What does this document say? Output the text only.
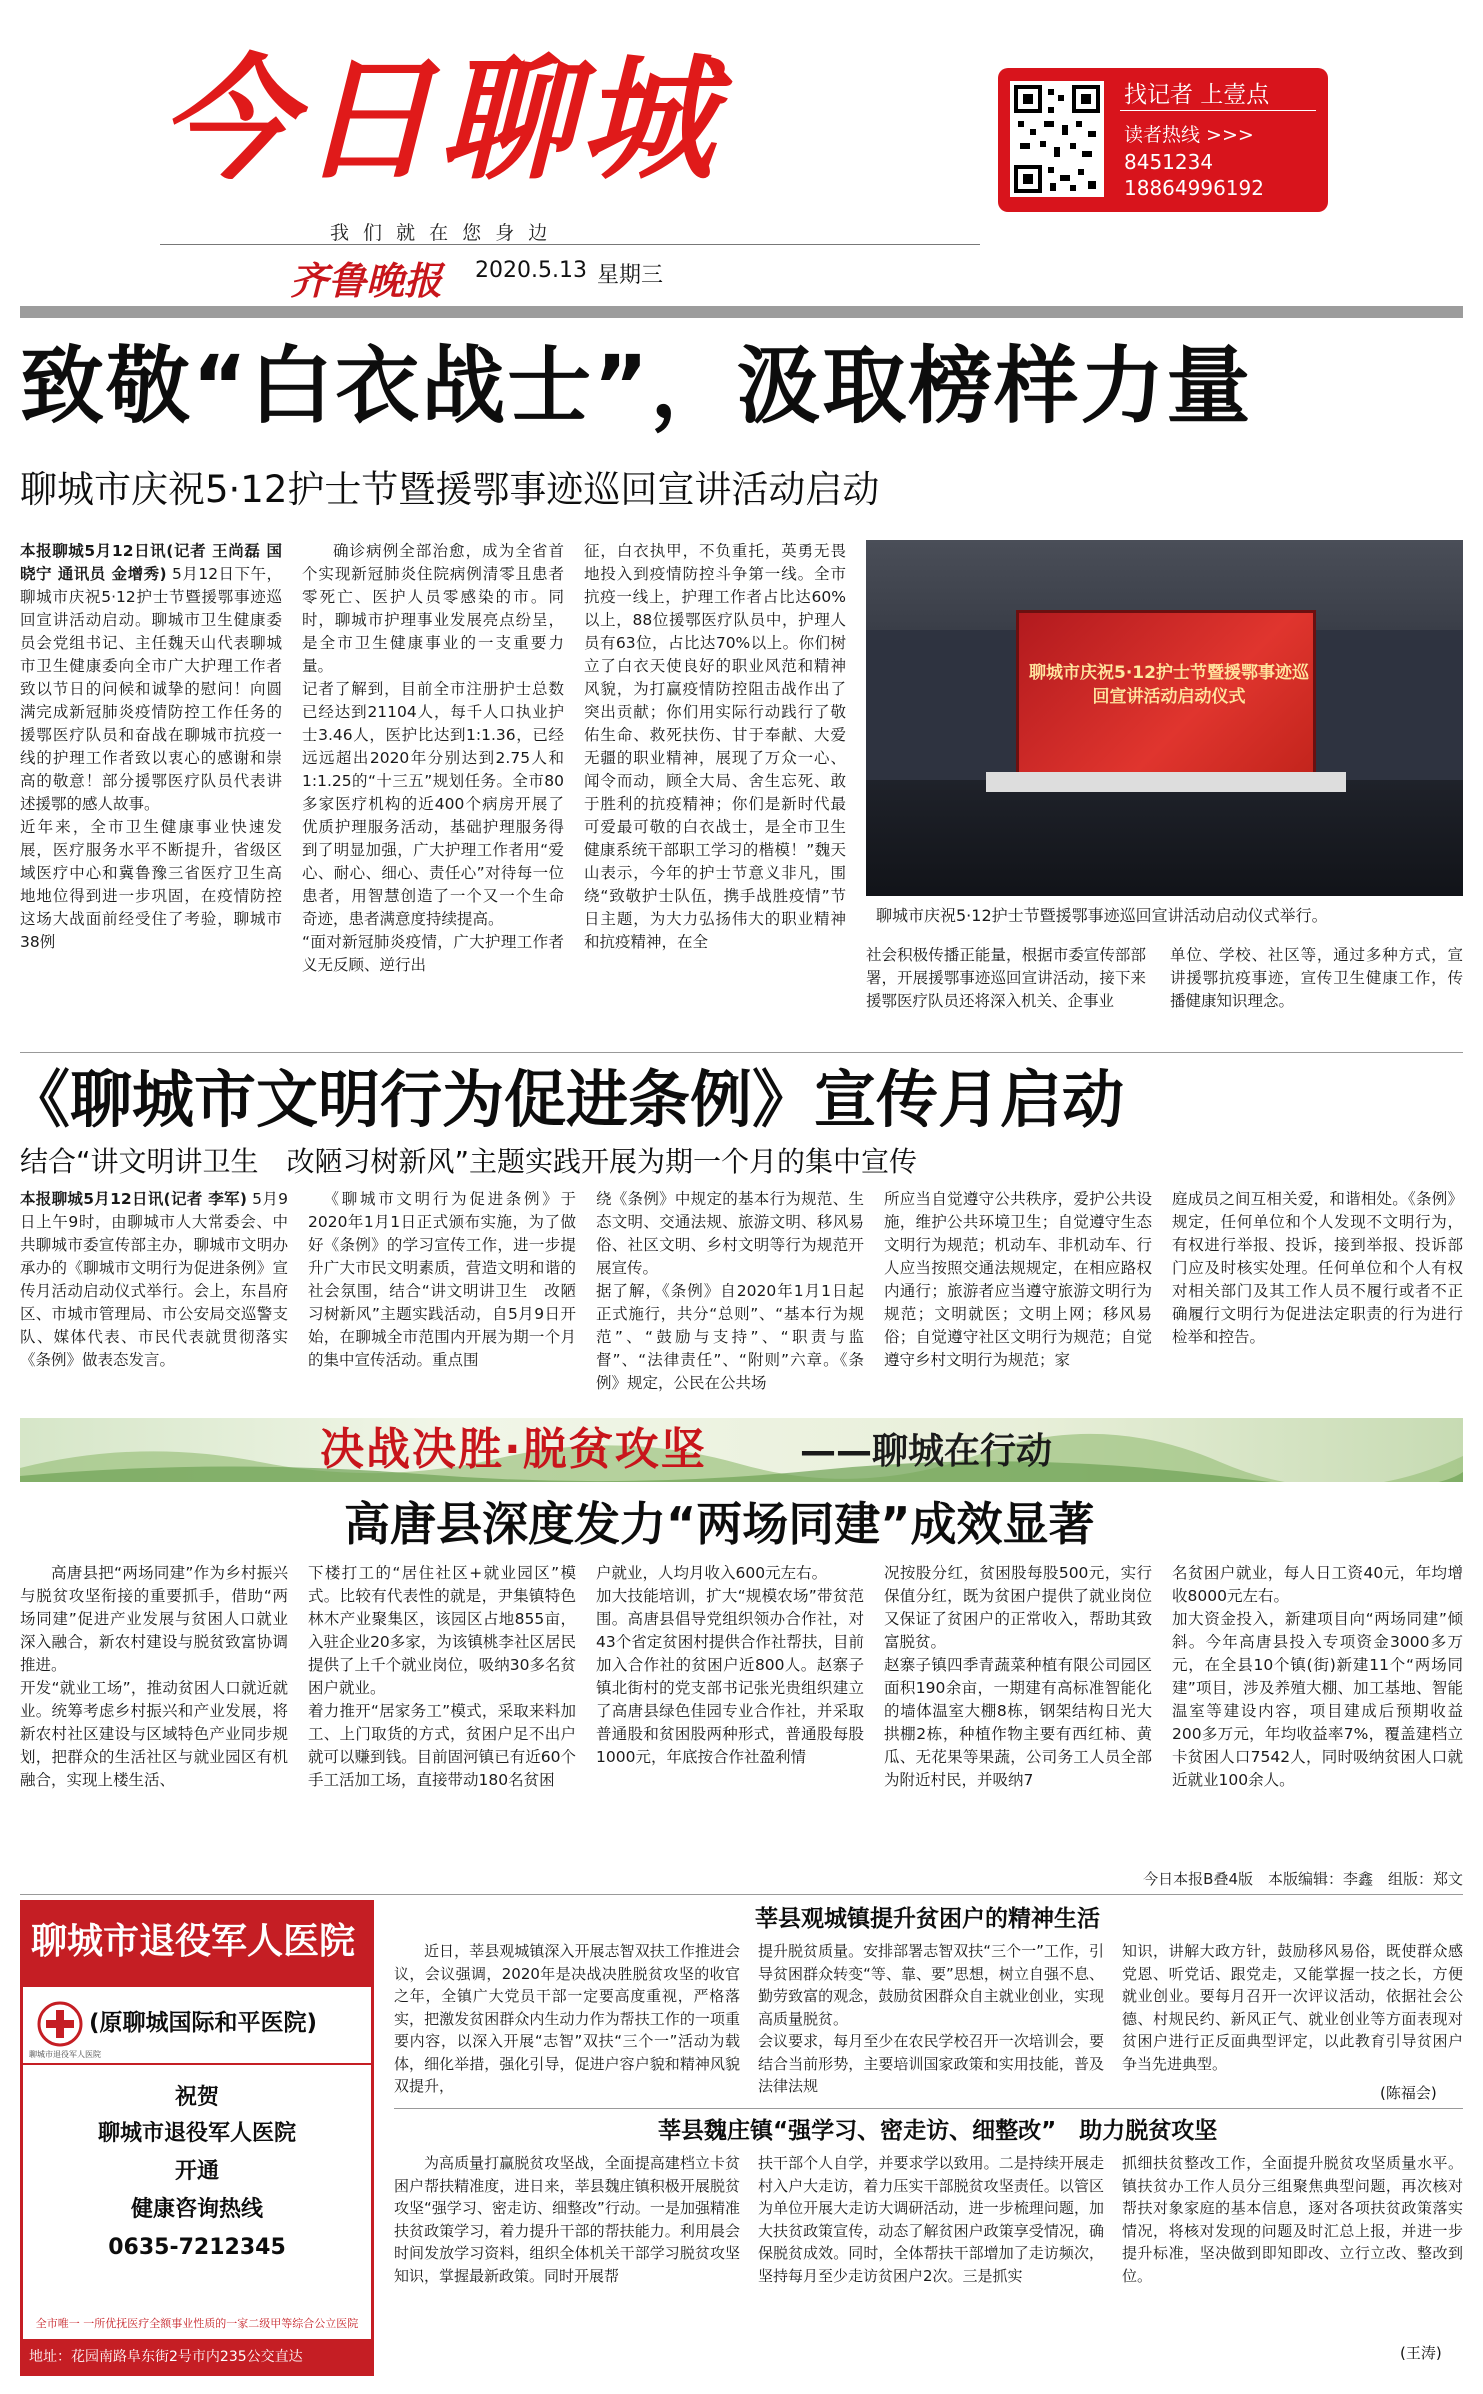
今日聊城
我 们 就 在 您 身 边
齐鲁晚报 2020.5.13 星期三
找记者 上壹点
读者热线 >>>
8451234
18864996192
致敬“白衣战士”，汲取榜样力量
聊城市庆祝5·12护士节暨援鄂事迹巡回宣讲活动启动
本报聊城5月12日讯(记者 王尚磊 国晓宁 通讯员 金增秀) 5月12日下午，聊城市庆祝5·12护士节暨援鄂事迹巡回宣讲活动启动。聊城市卫生健康委员会党组书记、主任魏天山代表聊城市卫生健康委向全市广大护理工作者致以节日的问候和诚挚的慰问！向圆满完成新冠肺炎疫情防控工作任务的援鄂医疗队员和奋战在聊城市抗疫一线的护理工作者致以衷心的感谢和崇高的敬意！部分援鄂医疗队员代表讲述援鄂的感人故事。
近年来，全市卫生健康事业快速发展，医疗服务水平不断提升，省级区域医疗中心和冀鲁豫三省医疗卫生高地地位得到进一步巩固，在疫情防控这场大战面前经受住了考验，聊城市38例
确诊病例全部治愈，成为全省首个实现新冠肺炎住院病例清零且患者零死亡、医护人员零感染的市。同时，聊城市护理事业发展亮点纷呈，是全市卫生健康事业的一支重要力量。
记者了解到，目前全市注册护士总数已经达到21104人，每千人口执业护士3.46人，医护比达到1:1.36，已经远远超出2020年分别达到2.75人和1:1.25的“十三五”规划任务。全市80多家医疗机构的近400个病房开展了优质护理服务活动，基础护理服务得到了明显加强，广大护理工作者用“爱心、耐心、细心、责任心”对待每一位患者，用智慧创造了一个又一个生命奇迹，患者满意度持续提高。
“面对新冠肺炎疫情，广大护理工作者义无反顾、逆行出
征，白衣执甲，不负重托，英勇无畏地投入到疫情防控斗争第一线。全市抗疫一线上，护理工作者占比达60%以上，88位援鄂医疗队员中，护理人员有63位，占比达70%以上。你们树立了白衣天使良好的职业风范和精神风貌，为打赢疫情防控阻击战作出了突出贡献；你们用实际行动践行了敬佑生命、救死扶伤、甘于奉献、大爱无疆的职业精神，展现了万众一心、闻令而动，顾全大局、舍生忘死、敢于胜利的抗疫精神；你们是新时代最可爱最可敬的白衣战士，是全市卫生健康系统干部职工学习的楷模！”魏天山表示，今年的护士节意义非凡，围绕“致敬护士队伍，携手战胜疫情”节日主题，为大力弘扬伟大的职业精神和抗疫精神，在全
聊城市庆祝5·12护士节暨援鄂事迹巡回宣讲活动启动仪式
聊城市庆祝5·12护士节暨援鄂事迹巡回宣讲活动启动仪式举行。
社会积极传播正能量，根据市委宣传部部署，开展援鄂事迹巡回宣讲活动，接下来援鄂医疗队员还将深入机关、企事业
单位、学校、社区等，通过多种方式，宣讲援鄂抗疫事迹，宣传卫生健康工作，传播健康知识理念。
《聊城市文明行为促进条例》宣传月启动
结合“讲文明讲卫生　改陋习树新风”主题实践开展为期一个月的集中宣传
本报聊城5月12日讯(记者 李军) 5月9日上午9时，由聊城市人大常委会、中共聊城市委宣传部主办，聊城市文明办承办的《聊城市文明行为促进条例》宣传月活动启动仪式举行。会上，东昌府区、市城市管理局、市公安局交巡警支队、媒体代表、市民代表就贯彻落实《条例》做表态发言。
《聊城市文明行为促进条例》于2020年1月1日正式颁布实施，为了做好《条例》的学习宣传工作，进一步提升广大市民文明素质，营造文明和谐的社会氛围，结合“讲文明讲卫生　改陋习树新风”主题实践活动，自5月9日开始，在聊城全市范围内开展为期一个月的集中宣传活动。重点围
绕《条例》中规定的基本行为规范、生态文明、交通法规、旅游文明、移风易俗、社区文明、乡村文明等行为规范开展宣传。
据了解，《条例》自2020年1月1日起正式施行，共分“总则”、“基本行为规范”、“鼓励与支持”、“职责与监督”、“法律责任”、“附则”六章。《条例》规定，公民在公共场
所应当自觉遵守公共秩序，爱护公共设施，维护公共环境卫生；自觉遵守生态文明行为规范；机动车、非机动车、行人应当按照交通法规规定，在相应路权内通行；旅游者应当遵守旅游文明行为规范；文明就医；文明上网；移风易俗；自觉遵守社区文明行为规范；自觉遵守乡村文明行为规范；家
庭成员之间互相关爱，和谐相处。《条例》规定，任何单位和个人发现不文明行为，有权进行举报、投诉，接到举报、投诉部门应及时核实处理。任何单位和个人有权对相关部门及其工作人员不履行或者不正确履行文明行为促进法定职责的行为进行检举和控告。
决战决胜·脱贫攻坚	——聊城在行动
高唐县深度发力“两场同建”成效显著
高唐县把“两场同建”作为乡村振兴与脱贫攻坚衔接的重要抓手，借助“两场同建”促进产业发展与贫困人口就业深入融合，新农村建设与脱贫致富协调推进。
开发“就业工场”，推动贫困人口就近就业。统筹考虑乡村振兴和产业发展，将新农村社区建设与区域特色产业同步规划，把群众的生活社区与就业园区有机融合，实现上楼生活、
下楼打工的“居住社区+就业园区”模式。比较有代表性的就是，尹集镇特色林木产业聚集区，该园区占地855亩，入驻企业20多家，为该镇桃李社区居民提供了上千个就业岗位，吸纳30多名贫困户就业。
着力推开“居家务工”模式，采取来料加工、上门取货的方式，贫困户足不出户就可以赚到钱。目前固河镇已有近60个手工活加工场，直接带动180名贫困
户就业，人均月收入600元左右。
加大技能培训，扩大“规模农场”带贫范围。高唐县倡导党组织领办合作社，对43个省定贫困村提供合作社帮扶，目前加入合作社的贫困户近800人。赵寨子镇北街村的党支部书记张光贵组织建立了高唐县绿色佳园专业合作社，并采取普通股和贫困股两种形式，普通股每股1000元，年底按合作社盈利情
况按股分红，贫困股每股500元，实行保值分红，既为贫困户提供了就业岗位又保证了贫困户的正常收入，帮助其致富脱贫。
赵寨子镇四季青蔬菜种植有限公司园区面积190余亩，一期建有高标准智能化的墙体温室大棚8栋，钢架结构日光大拱棚2栋，种植作物主要有西红柿、黄瓜、无花果等果蔬，公司务工人员全部为附近村民，并吸纳7
名贫困户就业，每人日工资40元，年均增收8000元左右。
加大资金投入，新建项目向“两场同建”倾斜。今年高唐县投入专项资金3000多万元，在全县10个镇(街)新建11个“两场同建”项目，涉及养殖大棚、加工基地、智能温室等建设内容，项目建成后预期收益200多万元，年均收益率7%，覆盖建档立卡贫困人口7542人，同时吸纳贫困人口就近就业100余人。
今日本报B叠4版　本版编辑：李鑫　组版：郑文
聊城市退役军人医院
聊城市退役军人医院
(原聊城国际和平医院)
祝贺
聊城市退役军人医院
开通
健康咨询热线
0635-7212345
全市唯一 一所优抚医疗全额事业性质的一家二级甲等综合公立医院
地址：花园南路阜东街2号市内235公交直达
莘县观城镇提升贫困户的精神生活
近日，莘县观城镇深入开展志智双扶工作推进会议，会议强调，2020年是决战决胜脱贫攻坚的收官之年，全镇广大党员干部一定要高度重视，严格落实，把激发贫困群众内生动力作为帮扶工作的一项重要内容，以深入开展“志智”双扶“三个一”活动为载体，细化举措，强化引导，促进户容户貌和精神风貌双提升，
提升脱贫质量。安排部署志智双扶“三个一”工作，引导贫困群众转变“等、靠、要”思想，树立自强不息、勤劳致富的观念，鼓励贫困群众自主就业创业，实现高质量脱贫。
会议要求，每月至少在农民学校召开一次培训会，要结合当前形势，主要培训国家政策和实用技能，普及法律法规
知识，讲解大政方针，鼓励移风易俗，既使群众感党恩、听党话、跟党走，又能掌握一技之长，方便就业创业。要每月召开一次评议活动，依据社会公德、村规民约、新风正气、就业创业等方面表现对贫困户进行正反面典型评定，以此教育引导贫困户争当先进典型。
(陈福会)
莘县魏庄镇“强学习、密走访、细整改”　助力脱贫攻坚
为高质量打赢脱贫攻坚战，全面提高建档立卡贫困户帮扶精准度，进日来，莘县魏庄镇积极开展脱贫攻坚“强学习、密走访、细整改”行动。一是加强精准扶贫政策学习，着力提升干部的帮扶能力。利用晨会时间发放学习资料，组织全体机关干部学习脱贫攻坚知识，掌握最新政策。同时开展帮
扶干部个人自学，并要求学以致用。二是持续开展走村入户大走访，着力压实干部脱贫攻坚责任。以管区为单位开展大走访大调研活动，进一步梳理问题，加大扶贫政策宣传，动态了解贫困户政策享受情况，确保脱贫成效。同时，全体帮扶干部增加了走访频次，坚持每月至少走访贫困户2次。三是抓实
抓细扶贫整改工作，全面提升脱贫攻坚质量水平。镇扶贫办工作人员分三组聚焦典型问题，再次核对帮扶对象家庭的基本信息，逐对各项扶贫政策落实情况，将核对发现的问题及时汇总上报，并进一步提升标准，坚决做到即知即改、立行立改、整改到位。
(王涛)
